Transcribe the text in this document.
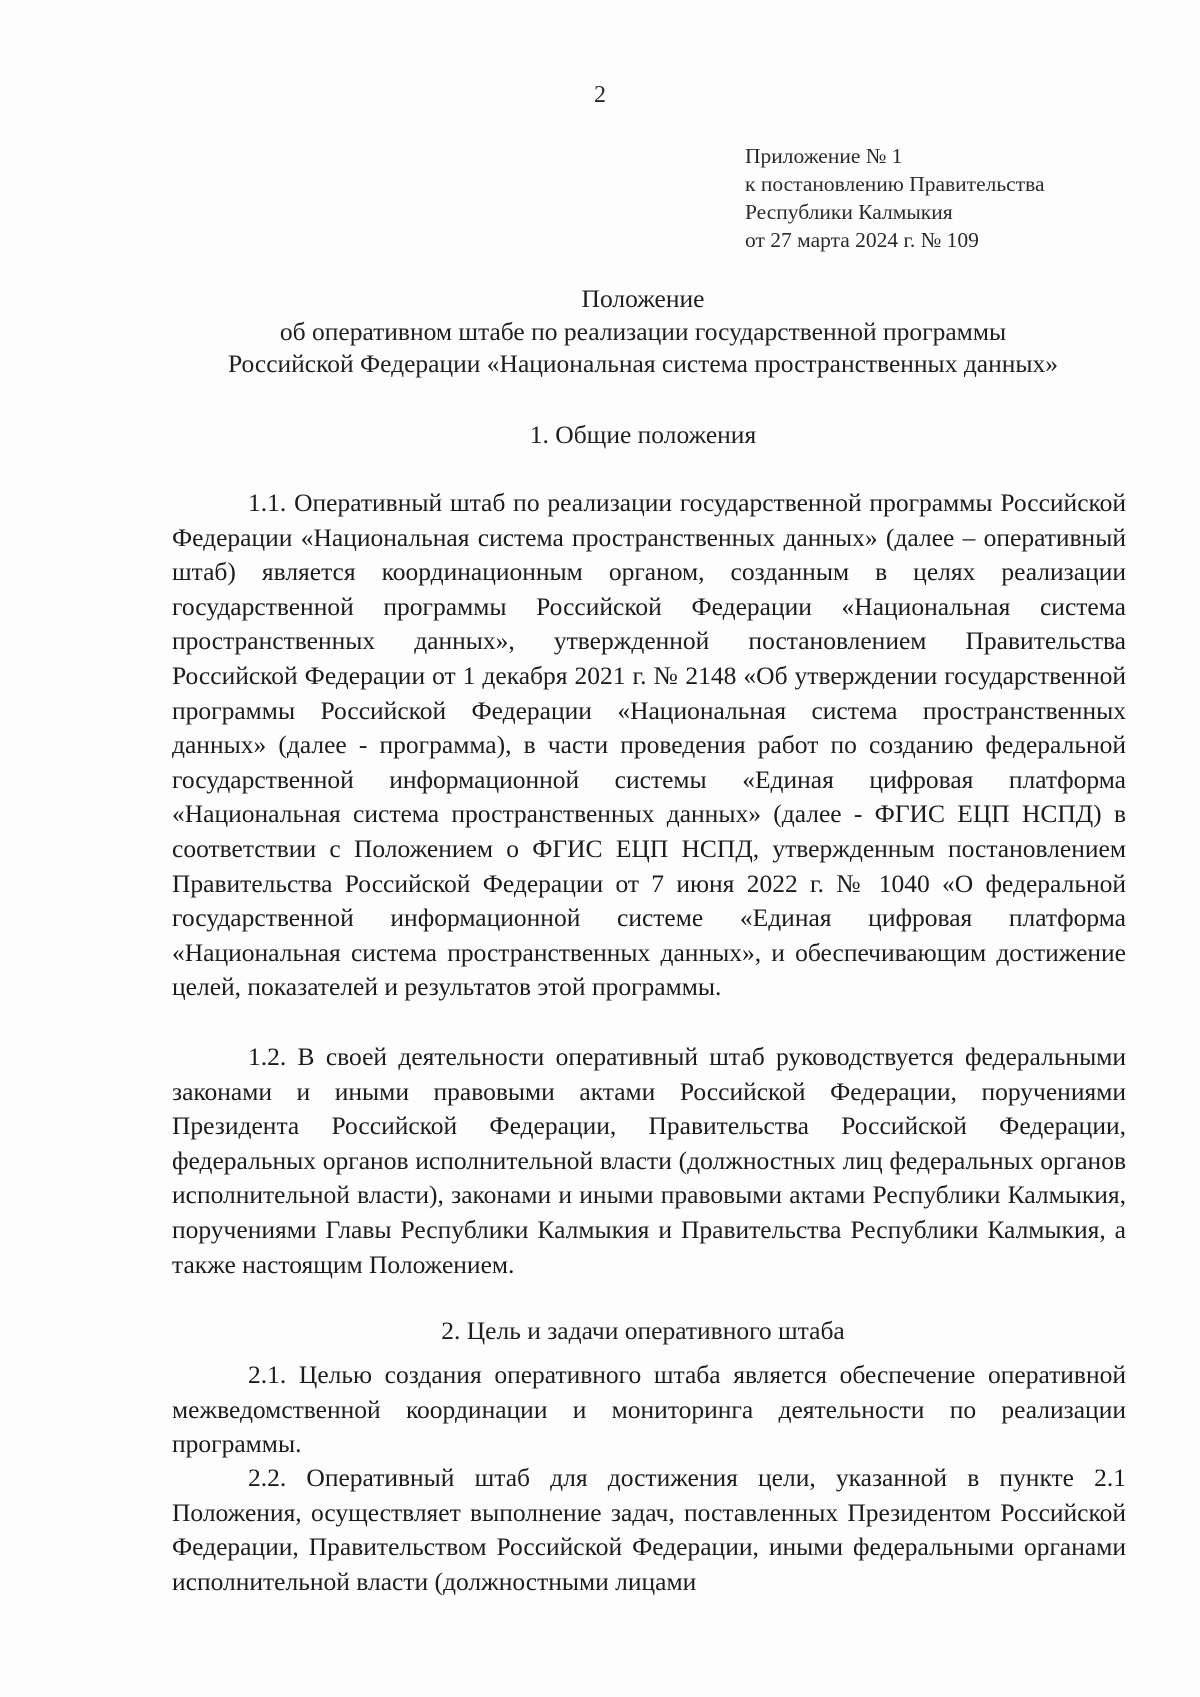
2
Приложение № 1
к постановлению Правительства
Республики Калмыкия
от 27 марта 2024 г. № 109
Положение
об оперативном штабе по реализации государственной программы
Российской Федерации «Национальная система пространственных данных»
1. Общие положения

1.1. Оперативный штаб по реализации государственной программы Российской Федерации «Национальная система пространственных данных» (далее – оперативный штаб) является координационным органом, созданным в целях реализации государственной программы Российской Федерации «Национальная система пространственных данных», утвержденной постановлением Правительства Российской Федерации от 1 декабря 2021 г. № 2148 «Об утверждении государственной программы Российской Федерации «Национальная система пространственных данных» (далее - программа), в части проведения работ по созданию федеральной государственной информационной системы «Единая цифровая платформа «Национальная система пространственных данных» (далее - ФГИС ЕЦП НСПД) в соответствии с Положением о ФГИС ЕЦП НСПД, утвержденным постановлением Правительства Российской Федерации от 7 июня 2022 г. № 1040 «О федеральной государственной информационной системе «Единая цифровая платформа «Национальная система пространственных данных», и обеспечивающим достижение целей, показателей и результатов этой программы.

1.2. В своей деятельности оперативный штаб руководствуется федеральными законами и иными правовыми актами Российской Федерации, поручениями Президента Российской Федерации, Правительства Российской Федерации, федеральных органов исполнительной власти (должностных лиц федеральных органов исполнительной власти), законами и иными правовыми актами Республики Калмыкия, поручениями Главы Республики Калмыкия и Правительства Республики Калмыкия, а также настоящим Положением.

2. Цель и задачи оперативного штаба

2.1. Целью создания оперативного штаба является обеспечение оперативной межведомственной координации и мониторинга деятельности по реализации программы.

2.2. Оперативный штаб для достижения цели, указанной в пункте 2.1 Положения, осуществляет выполнение задач, поставленных Президентом Российской Федерации, Правительством Российской Федерации, иными федеральными органами исполнительной власти (должностными лицами
